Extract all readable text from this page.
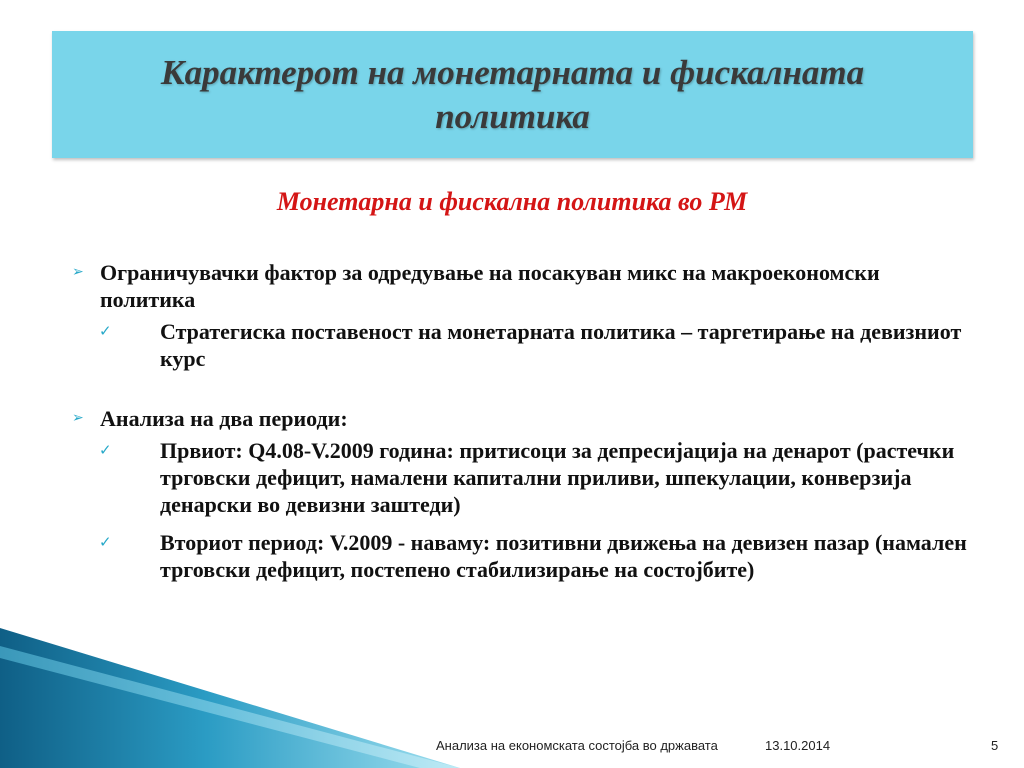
Карактерот на монетарната и фискалната политика
Монетарна и фискална политика во РМ
➢ Ограничувачки фактор за одредување на посакуван микс на макроекономски политика
✓ Стратегиска поставеност на монетарната политика – таргетирање на девизниот курс
➢ Анализа на два периоди:
✓ Првиот: Q4.08-V.2009 година: притисоци за депресијација на денарот (растечки трговски дефицит, намалени капитални приливи, шпекулации, конверзија денарски во девизни заштеди)
✓ Вториот период: V.2009 - наваму: позитивни движења на девизен пазар (намален трговски дефицит, постепено стабилизирање на состојбите)
Анализа на економската состојба во државата	13.10.2014	5
